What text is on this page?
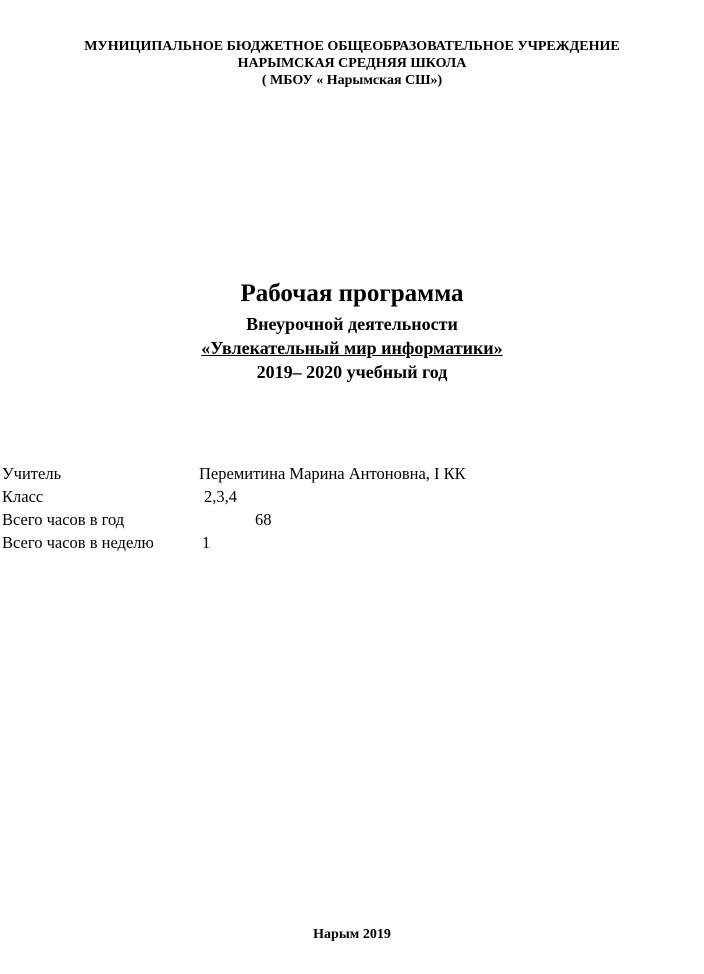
МУНИЦИПАЛЬНОЕ БЮДЖЕТНОЕ ОБЩЕОБРАЗОВАТЕЛЬНОЕ УЧРЕЖДЕНИЕ
НАРЫМСКАЯ СРЕДНЯЯ ШКОЛА
( МБОУ « Нарымская СШ»)
Рабочая программа
Внеурочной деятельности
«Увлекательный мир информатики»
2019– 2020 учебный год
Учитель	Перемитина Марина Антоновна, I КК
Класс	2,3,4
Всего часов в год	68
Всего часов в неделю	1
Нарым 2019
